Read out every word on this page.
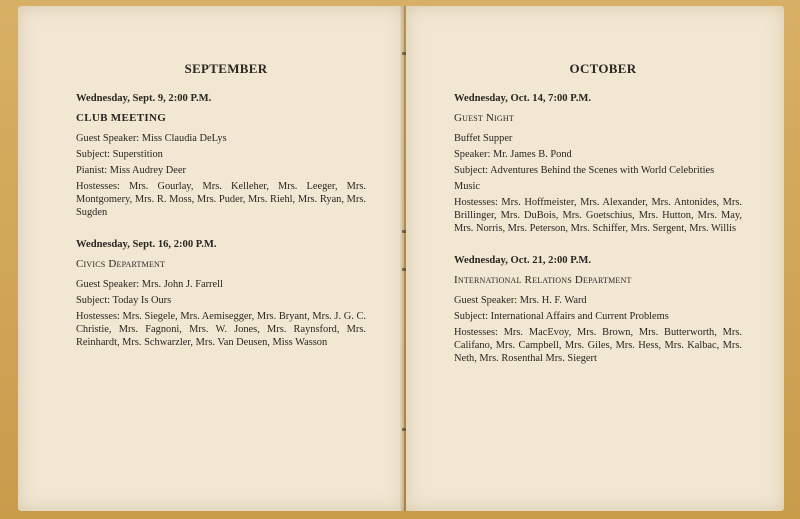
SEPTEMBER
Wednesday, Sept. 9, 2:00 P.M.
CLUB MEETING
Guest Speaker: Miss Claudia DeLys
Subject: Superstition
Pianist: Miss Audrey Deer
Hostesses: Mrs. Gourlay, Mrs. Kelleher, Mrs. Leeger, Mrs. Montgomery, Mrs. R. Moss, Mrs. Puder, Mrs. Riehl, Mrs. Ryan, Mrs. Sugden
Wednesday, Sept. 16, 2:00 P.M.
Civics Department
Guest Speaker: Mrs. John J. Farrell
Subject: Today Is Ours
Hostesses: Mrs. Siegele, Mrs. Aemisegger, Mrs. Bryant, Mrs. J. G. C. Christie, Mrs. Fagnoni, Mrs. W. Jones, Mrs. Raynsford, Mrs. Reinhardt, Mrs. Schwarzler, Mrs. Van Deusen, Miss Wasson
OCTOBER
Wednesday, Oct. 14, 7:00 P.M.
Guest Night
Buffet Supper
Speaker: Mr. James B. Pond
Subject: Adventures Behind the Scenes with World Celebrities
Music
Hostesses: Mrs. Hoffmeister, Mrs. Alexander, Mrs. Antonides, Mrs. Brillinger, Mrs. DuBois, Mrs. Goetschius, Mrs. Hutton, Mrs. May, Mrs. Norris, Mrs. Peterson, Mrs. Schiffer, Mrs. Sergent, Mrs. Willis
Wednesday, Oct. 21, 2:00 P.M.
International Relations Department
Guest Speaker: Mrs. H. F. Ward
Subject: International Affairs and Current Problems
Hostesses: Mrs. MacEvoy, Mrs. Brown, Mrs. Butterworth, Mrs. Califano, Mrs. Campbell, Mrs. Giles, Mrs. Hess, Mrs. Kalbac, Mrs. Neth, Mrs. Rosenthal Mrs. Siegert
